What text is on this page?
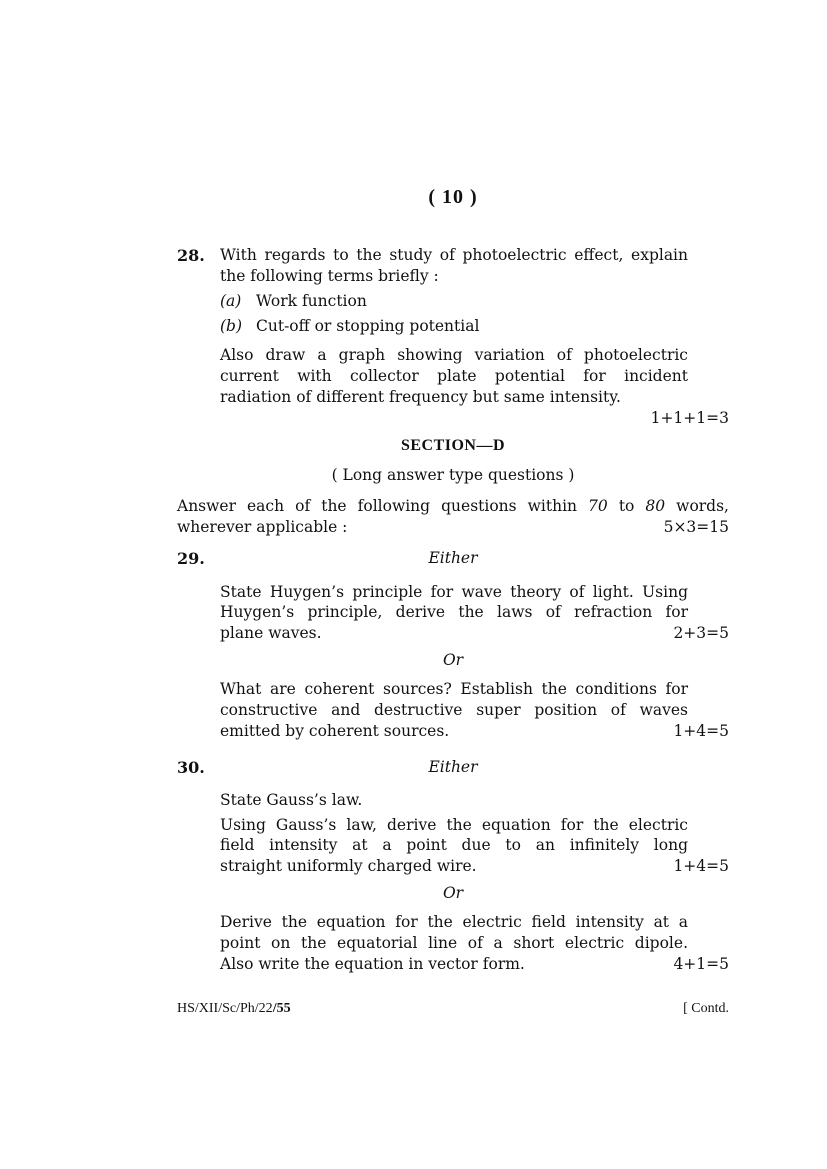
( 10 )
28. With regards to the study of photoelectric effect, explain
the following terms briefly :
(a) Work function
(b) Cut-off or stopping potential
Also draw a graph showing variation of photoelectric
current with collector plate potential for incident
radiation of different frequency but same intensity.
1+1+1=3
SECTION—D
( Long answer type questions )
Answer each of the following questions within 70 to 80 words,
wherever applicable :	5×3=15
29.	Either
State Huygen’s principle for wave theory of light. Using
Huygen’s principle, derive the laws of refraction for
plane waves.	2+3=5
Or
What are coherent sources? Establish the conditions for
constructive and destructive super position of waves
emitted by coherent sources.	1+4=5
30.	Either
State Gauss’s law.
Using Gauss’s law, derive the equation for the electric
field intensity at a point due to an infinitely long
straight uniformly charged wire.	1+4=5
Or
Derive the equation for the electric field intensity at a
point on the equatorial line of a short electric dipole.
Also write the equation in vector form.	4+1=5
HS/XII/Sc/Ph/22/55	[ Contd.
